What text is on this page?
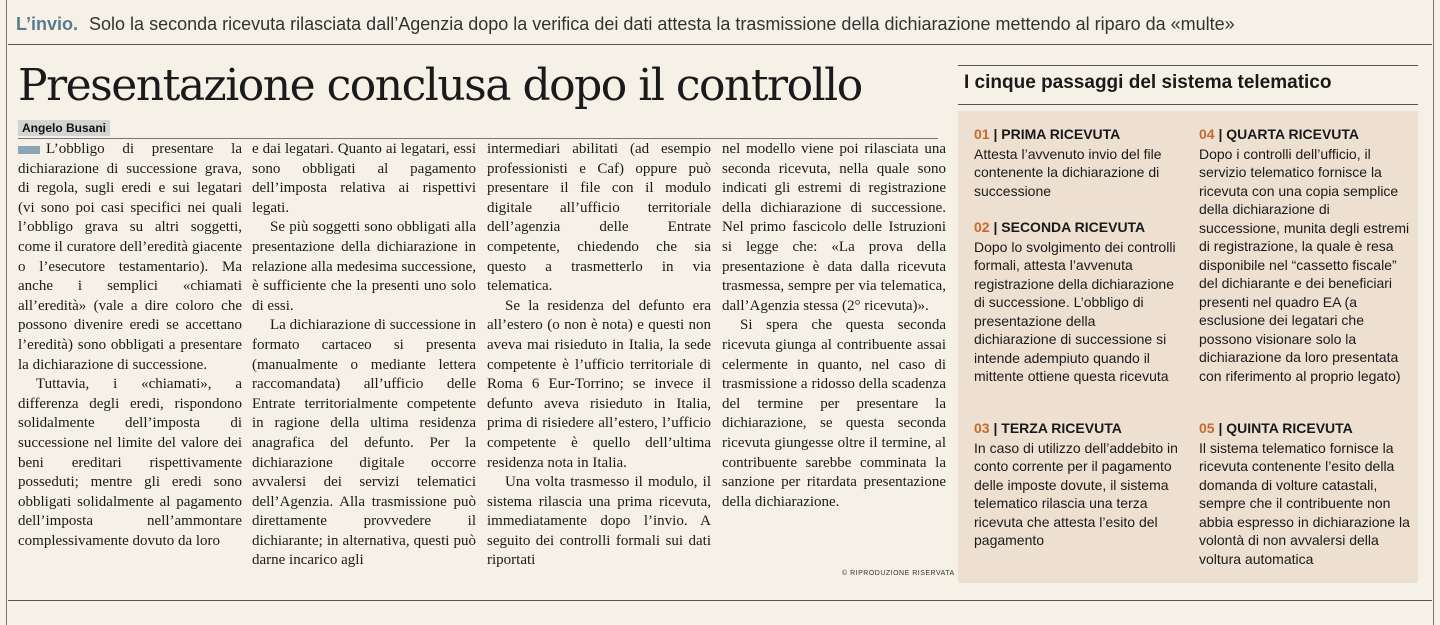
L’invio. Solo la seconda ricevuta rilasciata dall’Agenzia dopo la verifica dei dati attesta la trasmissione della dichiarazione mettendo al riparo da «multe»
Presentazione conclusa dopo il controllo
Angelo Busani

L’obbligo di presentare la dichiarazione di successione grava, di regola, sugli eredi e sui legatari (vi sono poi casi specifici nei quali l’obbligo grava su altri soggetti, come il curatore dell’eredità giacente o l’esecutore testamentario). Ma anche i semplici «chiamati all’eredità» (vale a dire coloro che possono divenire eredi se accettano l’eredità) sono obbligati a presentare la dichiarazione di successione.

Tuttavia, i «chiamati», a differenza degli eredi, rispondono solidalmente dell’imposta di successione nel limite del valore dei beni ereditari rispettivamente posseduti; mentre gli eredi sono obbligati solidalmente al pagamento dell’imposta nell’ammontare complessivamente dovuto da loro

e dai legatari. Quanto ai legatari, essi sono obbligati al pagamento dell’imposta relativa ai rispettivi legati.

Se più soggetti sono obbligati alla presentazione della dichiarazione in relazione alla medesima successione, è sufficiente che la presenti uno solo di essi.

La dichiarazione di successione in formato cartaceo si presenta (manualmente o mediante lettera raccomandata) all’ufficio delle Entrate territorialmente competente in ragione della ultima residenza anagrafica del defunto. Per la dichiarazione digitale occorre avvalersi dei servizi telematici dell’Agenzia. Alla trasmissione può direttamente provvedere il dichiarante; in alternativa, questi può darne incarico agli

intermediari abilitati (ad esempio professionisti e Caf) oppure può presentare il file con il modulo digitale all’ufficio territoriale dell’agenzia delle Entrate competente, chiedendo che sia questo a trasmetterlo in via telematica.

Se la residenza del defunto era all’estero (o non è nota) e questi non aveva mai risieduto in Italia, la sede competente è l’ufficio territoriale di Roma 6 Eur-Torrino; se invece il defunto aveva risieduto in Italia, prima di risiedere all’estero, l’ufficio competente è quello dell’ultima residenza nota in Italia.

Una volta trasmesso il modulo, il sistema rilascia una prima ricevuta, immediatamente dopo l’invio. A seguito dei controlli formali sui dati riportati

nel modello viene poi rilasciata una seconda ricevuta, nella quale sono indicati gli estremi di registrazione della dichiarazione di successione. Nel primo fascicolo delle Istruzioni si legge che: «La prova della presentazione è data dalla ricevuta trasmessa, sempre per via telematica, dall’Agenzia stessa (2° ricevuta)».

Si spera che questa seconda ricevuta giunga al contribuente assai celermente in quanto, nel caso di trasmissione a ridosso della scadenza del termine per presentare la dichiarazione, se questa seconda ricevuta giungesse oltre il termine, al contribuente sarebbe comminata la sanzione per ritardata presentazione della dichiarazione.

© RIPRODUZIONE RISERVATA
I cinque passaggi del sistema telematico
01 | PRIMA RICEVUTA
Attesta l’avvenuto invio del file contenente la dichiarazione di successione
02 | SECONDA RICEVUTA
Dopo lo svolgimento dei controlli formali, attesta l’avvenuta registrazione della dichiarazione di successione. L’obbligo di presentazione della dichiarazione di successione si intende adempiuto quando il mittente ottiene questa ricevuta
03 | TERZA RICEVUTA
In caso di utilizzo dell’addebito in conto corrente per il pagamento delle imposte dovute, il sistema telematico rilascia una terza ricevuta che attesta l’esito del pagamento
04 | QUARTA RICEVUTA
Dopo i controlli dell’ufficio, il servizio telematico fornisce la ricevuta con una copia semplice della dichiarazione di successione, munita degli estremi di registrazione, la quale è resa disponibile nel “cassetto fiscale” del dichiarante e dei beneficiari presenti nel quadro EA (a esclusione dei legatari che possono visionare solo la dichiarazione da loro presentata con riferimento al proprio legato)
05 | QUINTA RICEVUTA
Il sistema telematico fornisce la ricevuta contenente l’esito della domanda di volture catastali, sempre che il contribuente non abbia espresso in dichiarazione la volontà di non avvalersi della voltura automatica
